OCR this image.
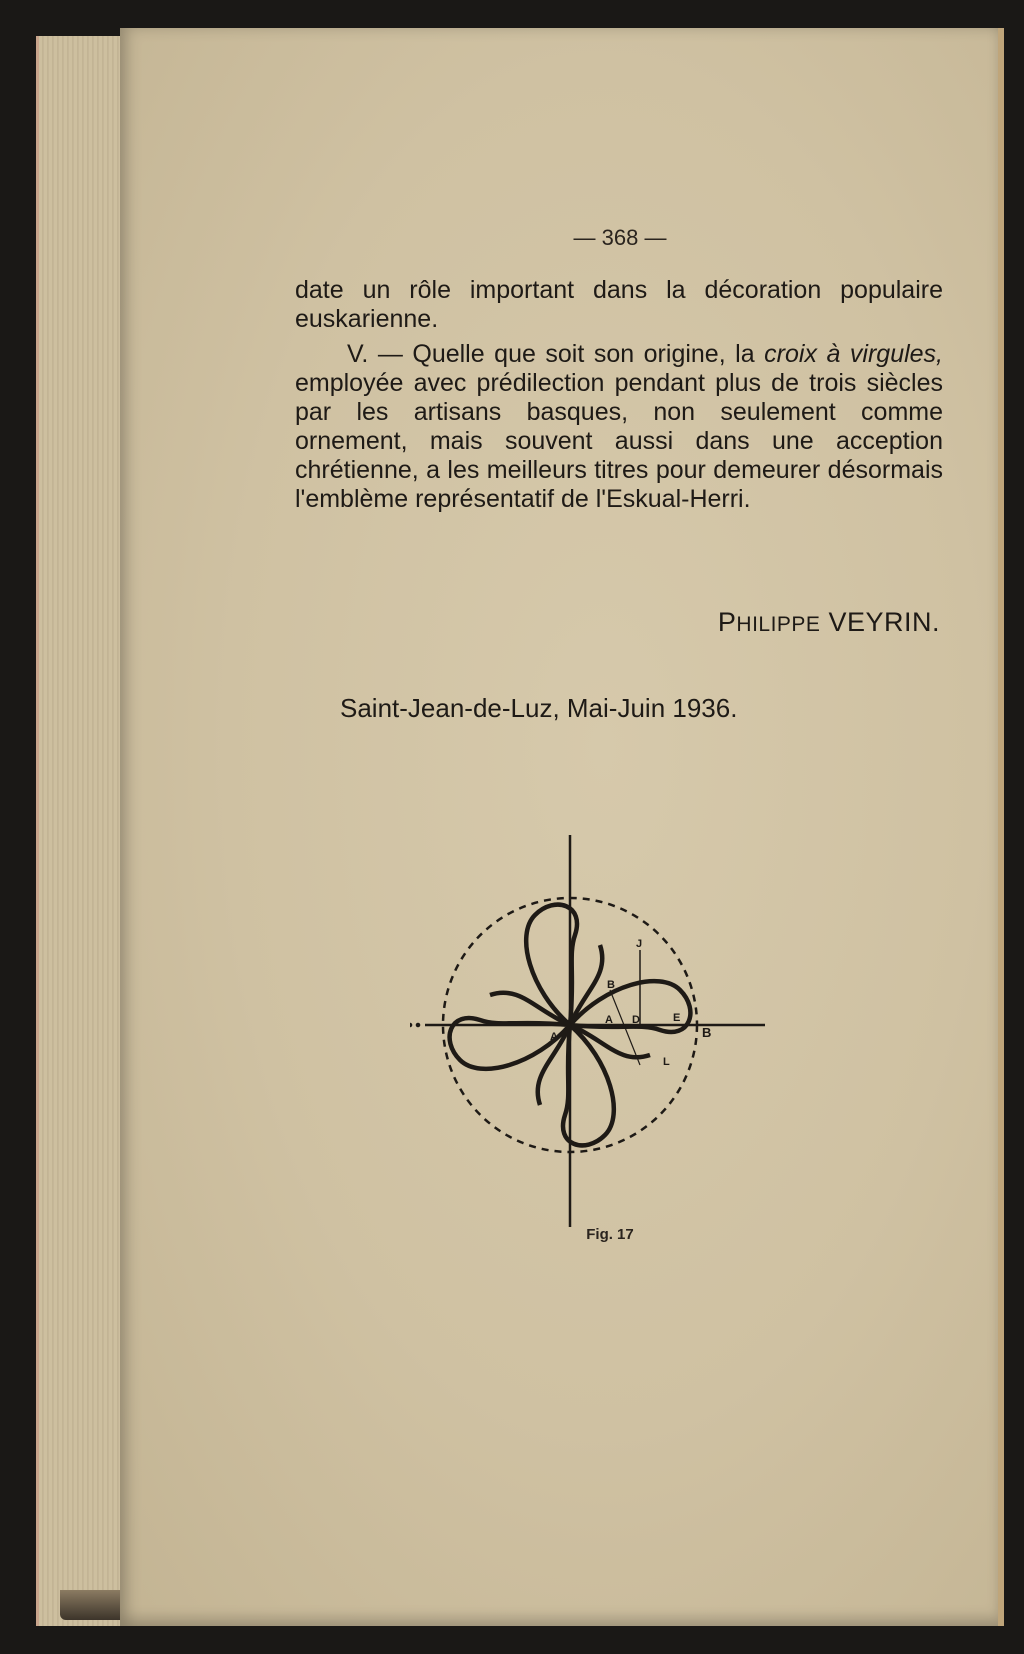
— 368 —
date un rôle important dans la décoration populaire euskarienne.
V. — Quelle que soit son origine, la croix à virgules, employée avec prédilection pendant plus de trois siècles par les artisans basques, non seulement comme ornement, mais souvent aussi dans une acception chrétienne, a les meilleurs titres pour demeurer désormais l'emblème représentatif de l'Eskual-Herri.
PHILIPPE VEYRIN.
Saint-Jean-de-Luz, Mai-Juin 1936.
A
B
D	E
B
A
J
L
Fig. 17
